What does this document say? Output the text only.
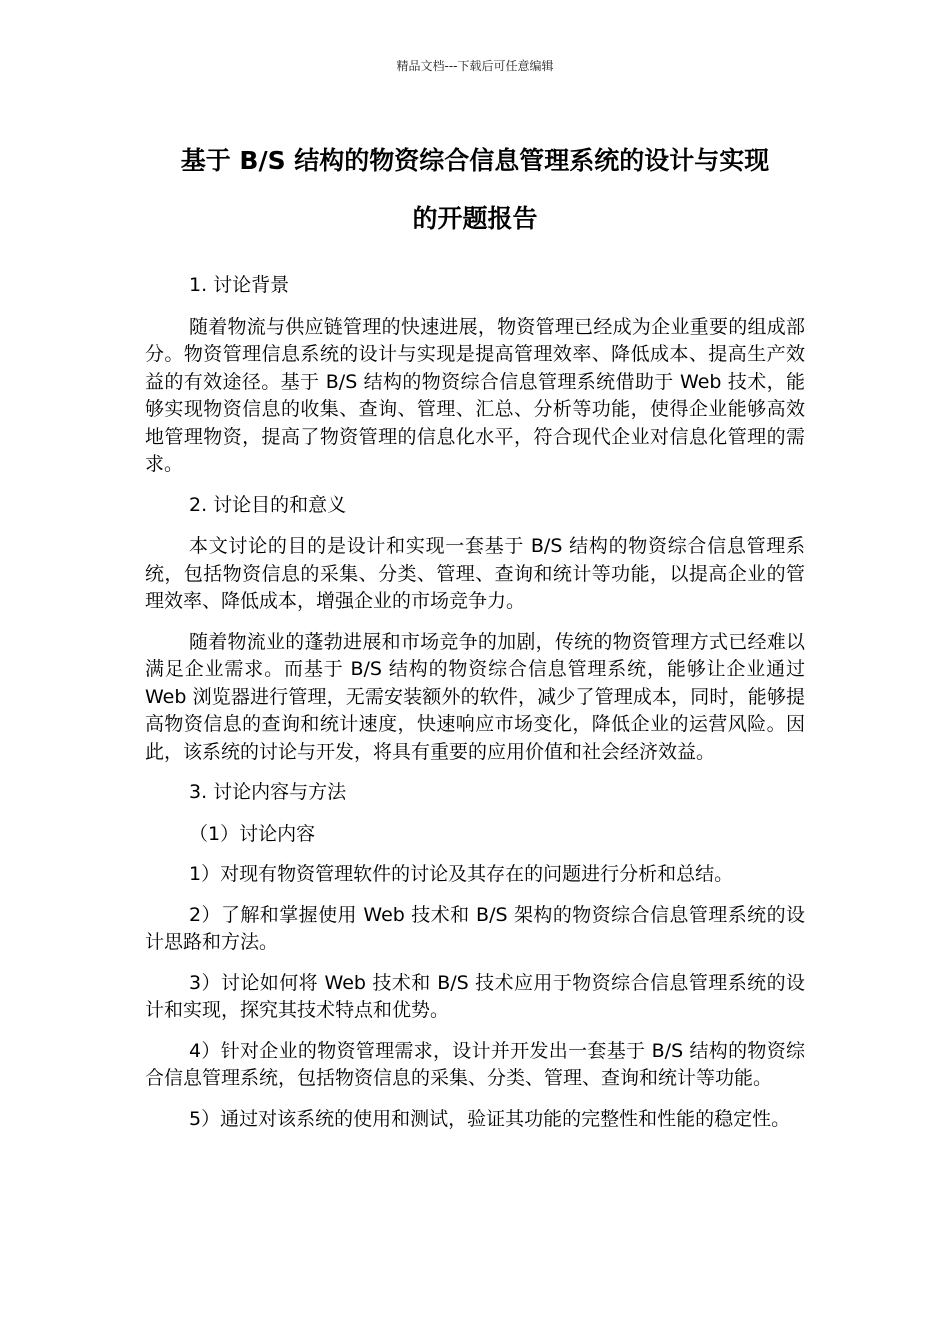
精品文档---下载后可任意编辑
基于 B/S 结构的物资综合信息管理系统的设计与实现
的开题报告

1. 讨论背景

随着物流与供应链管理的快速进展，物资管理已经成为企业重要的组成部分。物资管理信息系统的设计与实现是提高管理效率、降低成本、提高生产效益的有效途径。基于 B/S 结构的物资综合信息管理系统借助于 Web 技术，能够实现物资信息的收集、查询、管理、汇总、分析等功能，使得企业能够高效地管理物资，提高了物资管理的信息化水平，符合现代企业对信息化管理的需求。

2. 讨论目的和意义

本文讨论的目的是设计和实现一套基于 B/S 结构的物资综合信息管理系统，包括物资信息的采集、分类、管理、查询和统计等功能，以提高企业的管理效率、降低成本，增强企业的市场竞争力。

随着物流业的蓬勃进展和市场竞争的加剧，传统的物资管理方式已经难以满足企业需求。而基于 B/S 结构的物资综合信息管理系统，能够让企业通过 Web 浏览器进行管理，无需安装额外的软件，减少了管理成本，同时，能够提高物资信息的查询和统计速度，快速响应市场变化，降低企业的运营风险。因此，该系统的讨论与开发，将具有重要的应用价值和社会经济效益。

3. 讨论内容与方法

（1）讨论内容

1）对现有物资管理软件的讨论及其存在的问题进行分析和总结。

2）了解和掌握使用 Web 技术和 B/S 架构的物资综合信息管理系统的设计思路和方法。

3）讨论如何将 Web 技术和 B/S 技术应用于物资综合信息管理系统的设计和实现，探究其技术特点和优势。

4）针对企业的物资管理需求，设计并开发出一套基于 B/S 结构的物资综合信息管理系统，包括物资信息的采集、分类、管理、查询和统计等功能。

5）通过对该系统的使用和测试，验证其功能的完整性和性能的稳定性。
